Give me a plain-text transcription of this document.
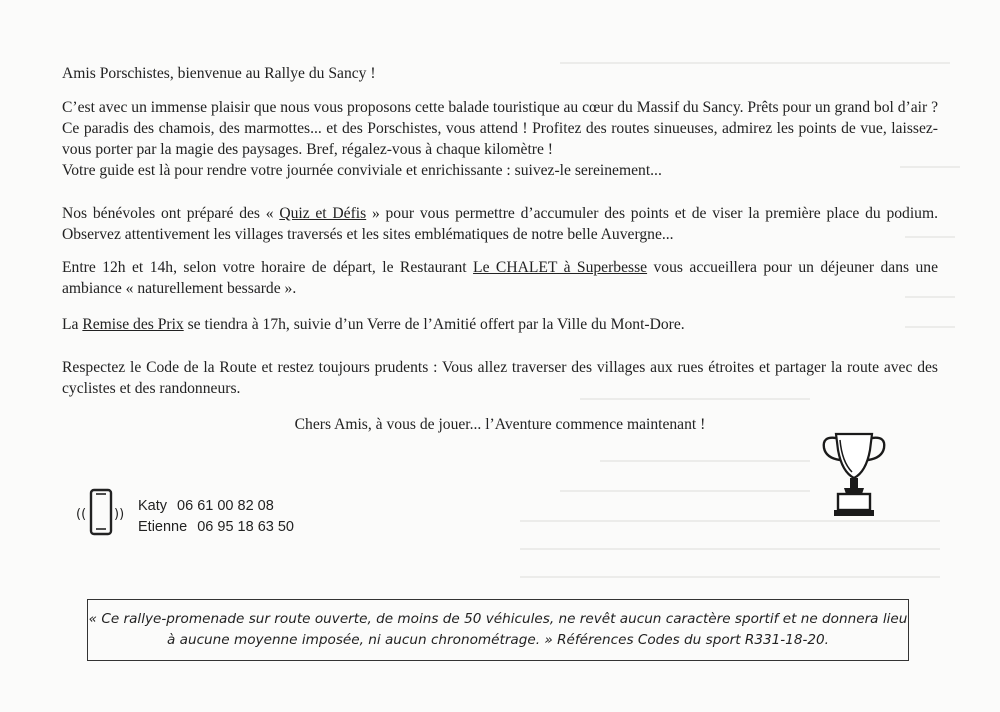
Amis Porschistes, bienvenue au Rallye du Sancy !

C’est avec un immense plaisir que nous vous proposons cette balade touristique au cœur du Massif du Sancy. Prêts pour un grand bol d’air ? Ce paradis des chamois, des marmottes... et des Porschistes, vous attend ! Profitez des routes sinueuses, admirez les points de vue, laissez-vous porter par la magie des paysages. Bref, régalez-vous à chaque kilomètre !
Votre guide est là pour rendre votre journée conviviale et enrichissante : suivez-le sereinement...

Nos bénévoles ont préparé des « Quiz et Défis » pour vous permettre d’accumuler des points et de viser la première place du podium. Observez attentivement les villages traversés et les sites emblématiques de notre belle Auvergne...

Entre 12h et 14h, selon votre horaire de départ, le Restaurant Le CHALET à Superbesse vous accueillera pour un déjeuner dans une ambiance « naturellement bessarde ».

La Remise des Prix se tiendra à 17h, suivie d’un Verre de l’Amitié offert par la Ville du Mont-Dore.

Respectez le Code de la Route et restez toujours prudents : Vous allez traverser des villages aux rues étroites et partager la route avec des cyclistes et des randonneurs.

Chers Amis, à vous de jouer... l’Aventure commence maintenant !

(( ))
Katy 06 61 00 82 08
Etienne 06 95 18 63 50
« Ce rallye-promenade sur route ouverte, de moins de 50 véhicules, ne revêt aucun caractère sportif et ne donnera lieu
à aucune moyenne imposée, ni aucun chronométrage. » Références Codes du sport R331-18-20.
